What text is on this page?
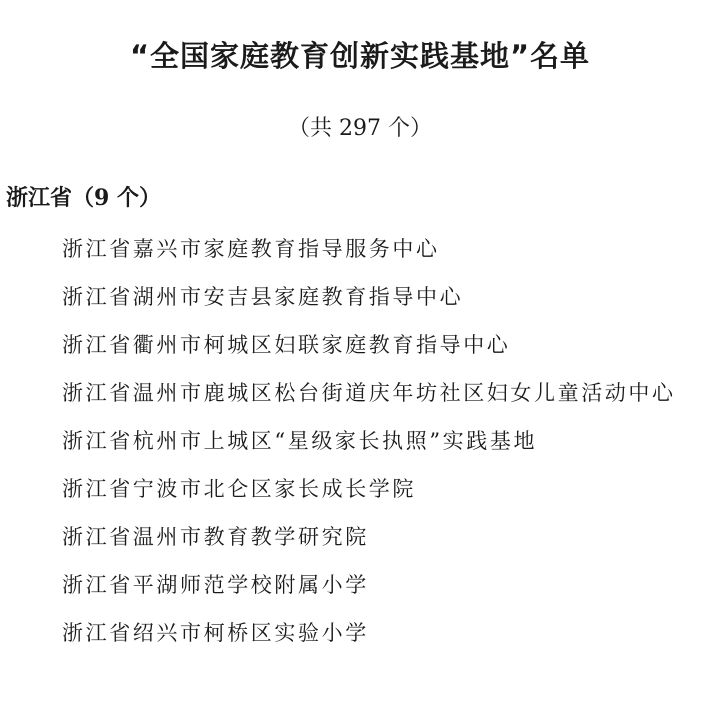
“全国家庭教育创新实践基地”名单
（共 297 个）
浙江省（9 个）
浙江省嘉兴市家庭教育指导服务中心
浙江省湖州市安吉县家庭教育指导中心
浙江省衢州市柯城区妇联家庭教育指导中心
浙江省温州市鹿城区松台街道庆年坊社区妇女儿童活动中心
浙江省杭州市上城区“星级家长执照”实践基地
浙江省宁波市北仑区家长成长学院
浙江省温州市教育教学研究院
浙江省平湖师范学校附属小学
浙江省绍兴市柯桥区实验小学
